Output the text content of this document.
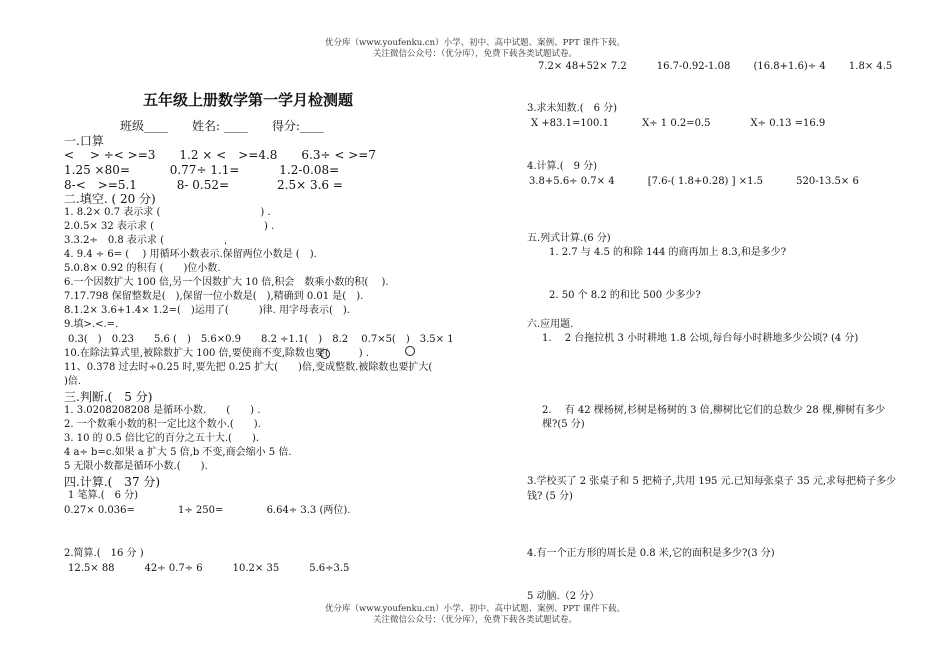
优分库（www.youfenku.cn）小学、初中、高中试题、案例、PPT 课件下载。
关注微信公众号：（优分库），免费下载各类试题试卷。
五年级上册数学第一学月检测题
班级____　　姓名: ____　　得分:____
一.口算
<　 > ÷< >=3　　1.2 × <　>=4.8　　6.3÷ < >=7
1.25 ×80=　　　 0.77÷ 1.1=　　　 1.2-0.08=
8-<　>=5.1　　　 8- 0.52=　　　　2.5× 3.6 =
二.填空. ( 20 分)
1. 8.2× 0.7 表示求 (　　　　　　　　　　) .
2.0.5× 32 表示求 (　　　　　　　　　　　) .
3.3.2÷　0.8 表示求 (　　　　　　ˌ　　　　
4. 9.4 ÷ 6= (　 ) 用循环小数表示.保留两位小数是 (　).
5.0.8× 0.92 的积有 (　　)位小数.
6.一个因数扩大 100 倍,另一个因数扩大 10 倍,积会　数乘小数的积(　 ).
7.17.798 保留整数是(　),保留一位小数是(　),精确到 0.01 是(　).
8.1.2× 3.6+1.4× 1.2=(　)运用了(　　　)律. 用字母表示(　).
9.填>.<.=.
0.3(　)　0.23　　5.6 (　)　5.6×0.9　　8.2 ÷1.1(　)　8.2　 0.7×5(　)　3.5× 1
10.在除法算式里,被除数扩大 100 倍,要使商不变,除数也要(　　　) .
11、0.378 过去时÷0.25 时,要先把 0.25 扩大(　　)倍,变成整数.被除数也要扩大(
)倍.
三.判断.(　5 分)
1. 3.0208208208 是循环小数.　　(　　) .
2. 一个数乘小数的积一定比这个数小.(　　).
3. 10 的 0.5 倍比它的百分之五十大.(　　).
4 a÷ b=c.如果 a 扩大 5 倍,b 不变,商会缩小 5 倍.
5 无限小数都是循环小数.(　　).
四.计算.(　37 分)
1 笔算.(　6 分)
0.27× 0.036=　　　　 1÷ 250=　　　　 6.64÷ 3.3 (两位).
2.简算.(　16 分 )
12.5× 88　　　42÷ 0.7÷ 6　　　10.2× 35　　　5.6÷3.5
7.2× 48+52× 7.2　　　16.7-0.92-1.08　　 (16.8+1.6)÷ 4　　 1.8× 4.5
3.求未知数.(　6 分)
X +83.1=100.1　　　 X÷ 1 0.2=0.5　　　　X÷ 0.13 =16.9
4.计算.(　9 分)
3.8+5.6÷ 0.7× 4　　　 [7.6-( 1.8+0.28) ] ×1.5　　　 520-13.5× 6
五.列式计算.(6 分)
1. 2.7 与 4.5 的和除 144 的商再加上 8.3,和是多少?
2. 50 个 8.2 的和比 500 少多少?
六.应用题.
1.　 2 台拖拉机 3 小时耕地 1.8 公顷,每台每小时耕地多少公顷? (4 分)
2.　 有 42 棵杨树,杉树是杨树的 3 倍,柳树比它们的总数少 28 棵,柳树有多少
棵?(5 分)
3.学校买了 2 张桌子和 5 把椅子,共用 195 元.已知每张桌子 35 元,求每把椅子多少
钱? (5 分)
4.有一个正方形的周长是 0.8 米,它的面积是多少?(3 分)
5 动脑.（2 分）
优分库（www.youfenku.cn）小学、初中、高中试题、案例、PPT 课件下载。
关注微信公众号：（优分库），免费下载各类试题试卷。
